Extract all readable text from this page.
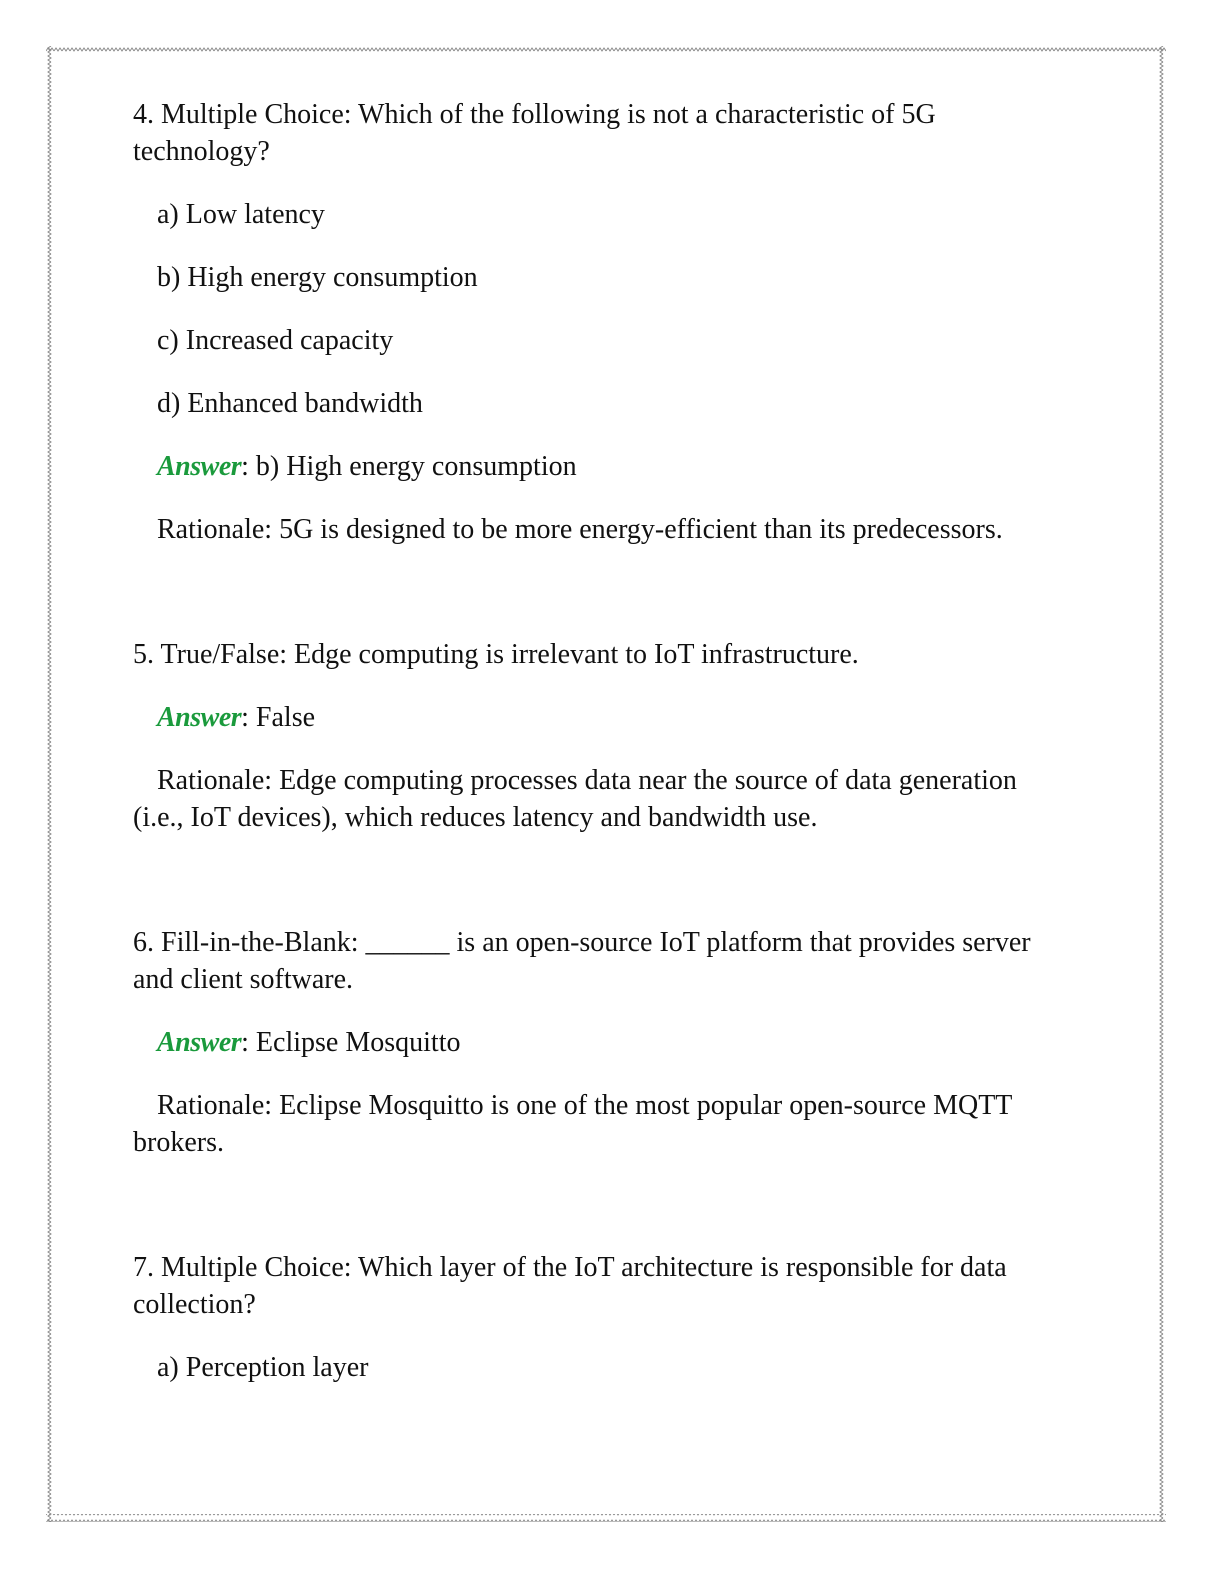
4. Multiple Choice: Which of the following is not a characteristic of 5G technology?

a) Low latency

b) High energy consumption

c) Increased capacity

d) Enhanced bandwidth

Answer: b) High energy consumption

Rationale: 5G is designed to be more energy-efficient than its predecessors.

5. True/False: Edge computing is irrelevant to IoT infrastructure.

Answer: False

Rationale: Edge computing processes data near the source of data generation (i.e., IoT devices), which reduces latency and bandwidth use.

6. Fill-in-the-Blank: ______ is an open-source IoT platform that provides server and client software.

Answer: Eclipse Mosquitto

Rationale: Eclipse Mosquitto is one of the most popular open-source MQTT brokers.

7. Multiple Choice: Which layer of the IoT architecture is responsible for data collection?

a) Perception layer
